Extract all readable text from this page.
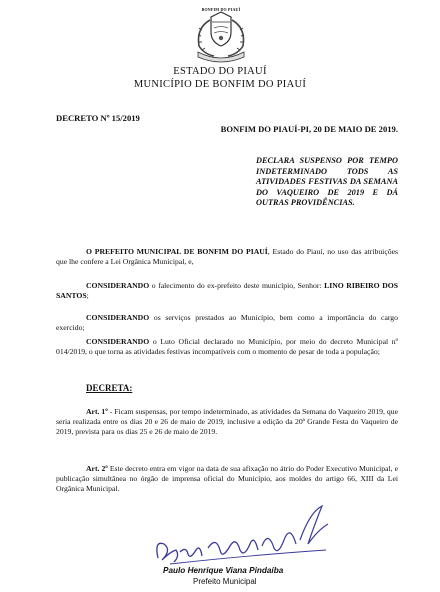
BONFIM DO PIAUÍ
ESTADO DO PIAUÍ
MUNICÍPIO DE BONFIM DO PIAUÍ
DECRETO Nº 15/2019
BONFIM DO PIAUÍ-PI, 20 DE MAIO DE 2019.
DECLARA SUSPENSO POR TEMPO INDETERMINADO TODS AS ATIVIDADES FESTIVAS DA SEMANA DO VAQUEIRO DE 2019 E DÁ OUTRAS PROVIDÊNCIAS.
O PREFEITO MUNICIPAL DE BONFIM DO PIAUÍ, Estado do Piauí, no uso das atribuições que lhe confere a Lei Orgânica Municipal, e,
CONSIDERANDO o falecimento do ex-prefeito deste município, Senhor: LINO RIBEIRO DOS SANTOS;
CONSIDERANDO os serviços prestados ao Município, bem como a importância do cargo exercido;
CONSIDERANDO o Luto Oficial declarado no Município, por meio do decreto Municipal nº 014/2019, o que torna as atividades festivas incompatíveis com o momento de pesar de toda a população;
DECRETA:
Art. 1º - Ficam suspensas, por tempo indeterminado, as atividades da Semana do Vaqueiro 2019, que seria realizada entre os dias 20 e 26 de maio de 2019, inclusive a edição da 20ª Grande Festa do Vaqueiro de 2019, prevista para os dias 25 e 26 de maio de 2019.
Art. 2º Este decreto entra em vigor na data de sua afixação no átrio do Poder Executivo Municipal, e publicação simultânea no órgão de imprensa oficial do Município, aos moldes do artigo 66, XIII da Lei Orgânica Municipal.
Paulo Henrique Viana Pindaíba
Prefeito Municipal
